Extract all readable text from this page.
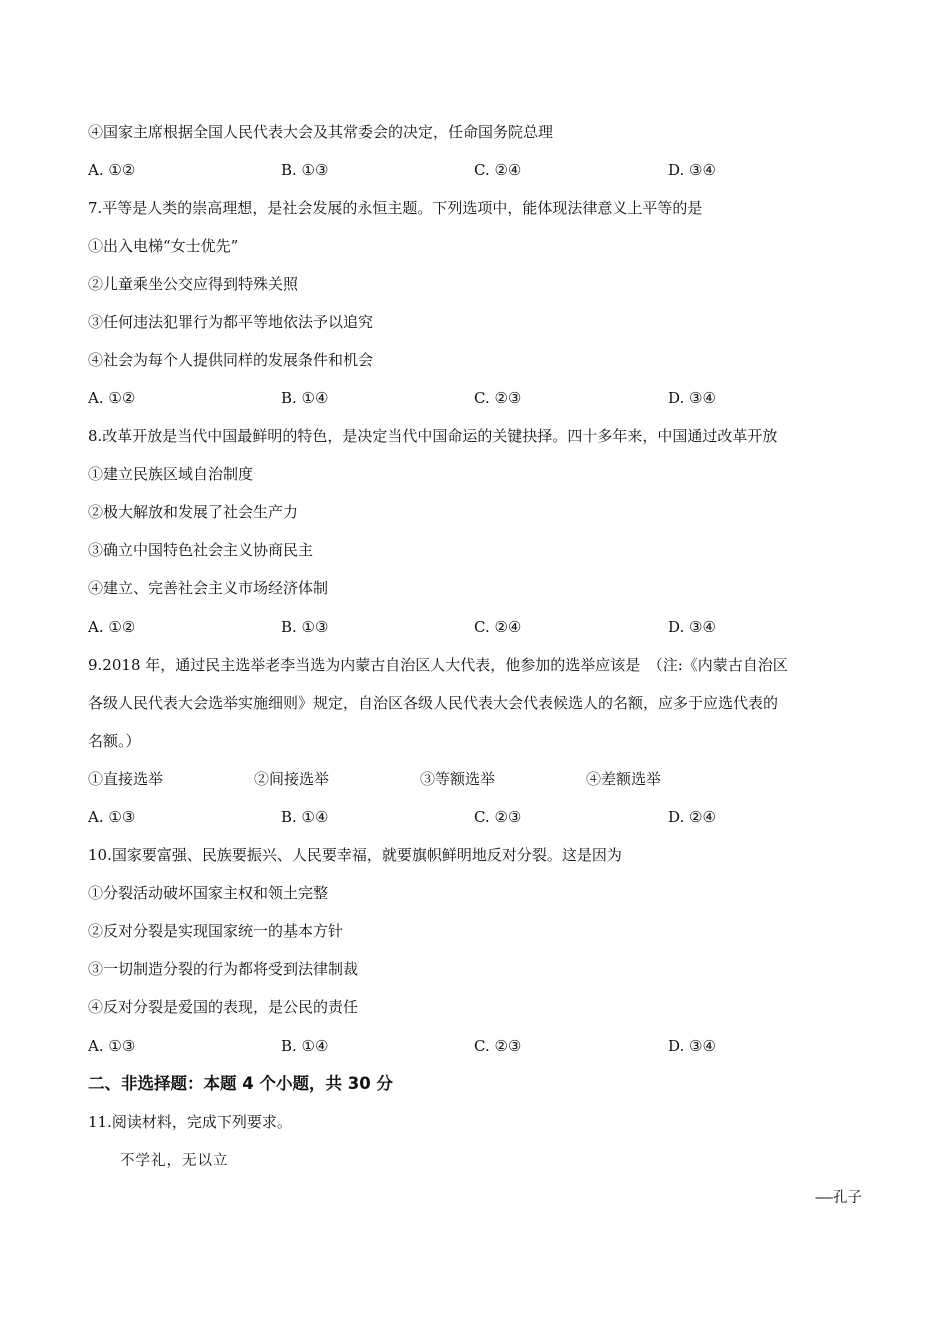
④国家主席根据全国人民代表大会及其常委会的决定，任命国务院总理
A. ①②	B. ①③	C. ②④	D. ③④
7.平等是人类的崇高理想，是社会发展的永恒主题。下列选项中，能体现法律意义上平等的是
①出入电梯“女士优先”
②儿童乘坐公交应得到特殊关照
③任何违法犯罪行为都平等地依法予以追究
④社会为每个人提供同样的发展条件和机会
A. ①②	B. ①④	C. ②③	D. ③④
8.改革开放是当代中国最鲜明的特色，是决定当代中国命运的关键抉择。四十多年来，中国通过改革开放
①建立民族区域自治制度
②极大解放和发展了社会生产力
③确立中国特色社会主义协商民主
④建立、完善社会主义市场经济体制
A. ①②	B. ①③	C. ②④	D. ③④
9.2018 年，通过民主选举老李当选为内蒙古自治区人大代表，他参加的选举应该是　（注:《内蒙古自治区
各级人民代表大会选举实施细则》规定，自治区各级人民代表大会代表候选人的名额，应多于应选代表的
名额。）
①直接选举	②间接选举	③等额选举	④差额选举
A. ①③	B. ①④	C. ②③	D. ②④
10.国家要富强、民族要振兴、人民要幸福，就要旗帜鲜明地反对分裂。这是因为
①分裂活动破坏国家主权和领土完整
②反对分裂是实现国家统一的基本方针
③一切制造分裂的行为都将受到法律制裁
④反对分裂是爱国的表现，是公民的责任
A. ①③	B. ①④	C. ②③	D. ③④
二、非选择题：本题 4 个小题，共 30 分
11.阅读材料，完成下列要求。
不学礼，无以立
——孔子
